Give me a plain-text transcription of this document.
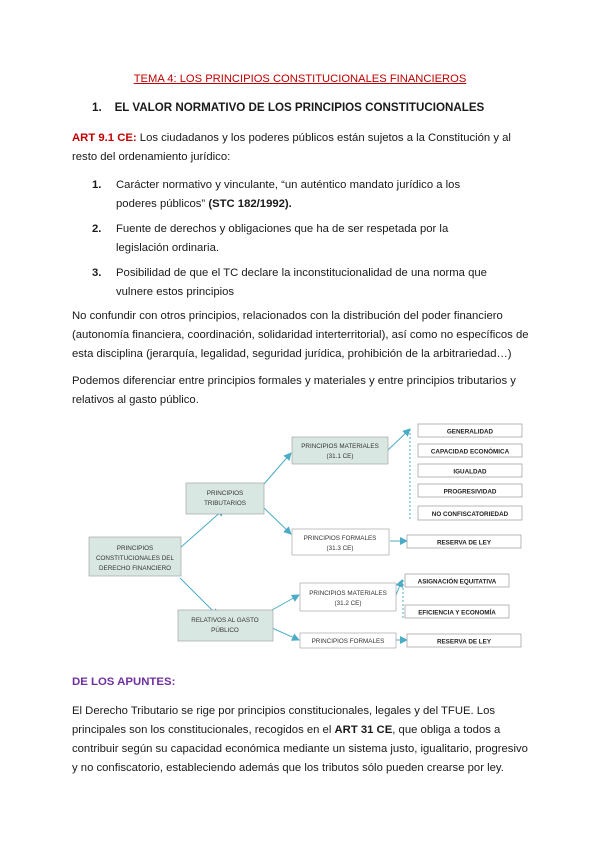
TEMA 4: LOS PRINCIPIOS CONSTITUCIONALES FINANCIEROS
1. EL VALOR NORMATIVO DE LOS PRINCIPIOS CONSTITUCIONALES
ART 9.1 CE: Los ciudadanos y los poderes públicos están sujetos a la Constitución y al resto del ordenamiento jurídico:
1.	Carácter normativo y vinculante, “un auténtico mandato jurídico a los poderes públicos” (STC 182/1992).
2.	Fuente de derechos y obligaciones que ha de ser respetada por la legislación ordinaria.
3.	Posibilidad de que el TC declare la inconstitucionalidad de una norma que vulnere estos principios
No confundir con otros principios, relacionados con la distribución del poder financiero (autonomía financiera, coordinación, solidaridad interterritorial), así como no específicos de esta disciplina (jerarquía, legalidad, seguridad jurídica, prohibición de la arbitrariedad…)
Podemos diferenciar entre principios formales y materiales y entre principios tributarios y relativos al gasto público.
PRINCIPIOS
CONSTITUCIONALES DEL
DERECHO FINANCIERO
PRINCIPIOS
TRIBUTARIOS
RELATIVOS AL GASTO
PÚBLICO
PRINCIPIOS MATERIALES
(31.1 CE)
PRINCIPIOS FORMALES
(31.3 CE)
PRINCIPIOS MATERIALES
(31.2 CE)
PRINCIPIOS FORMALES
GENERALIDAD
CAPACIDAD ECONÓMICA
IGUALDAD
PROGRESIVIDAD
NO CONFISCATORIEDAD
RESERVA DE LEY
ASIGNACIÓN EQUITATIVA
EFICIENCIA Y ECONOMÍA
RESERVA DE LEY
DE LOS APUNTES:
El Derecho Tributario se rige por principios constitucionales, legales y del TFUE. Los principales son los constitucionales, recogidos en el ART 31 CE, que obliga a todos a contribuir según su capacidad económica mediante un sistema justo, igualitario, progresivo y no confiscatorio, estableciendo además que los tributos sólo pueden crearse por ley.
